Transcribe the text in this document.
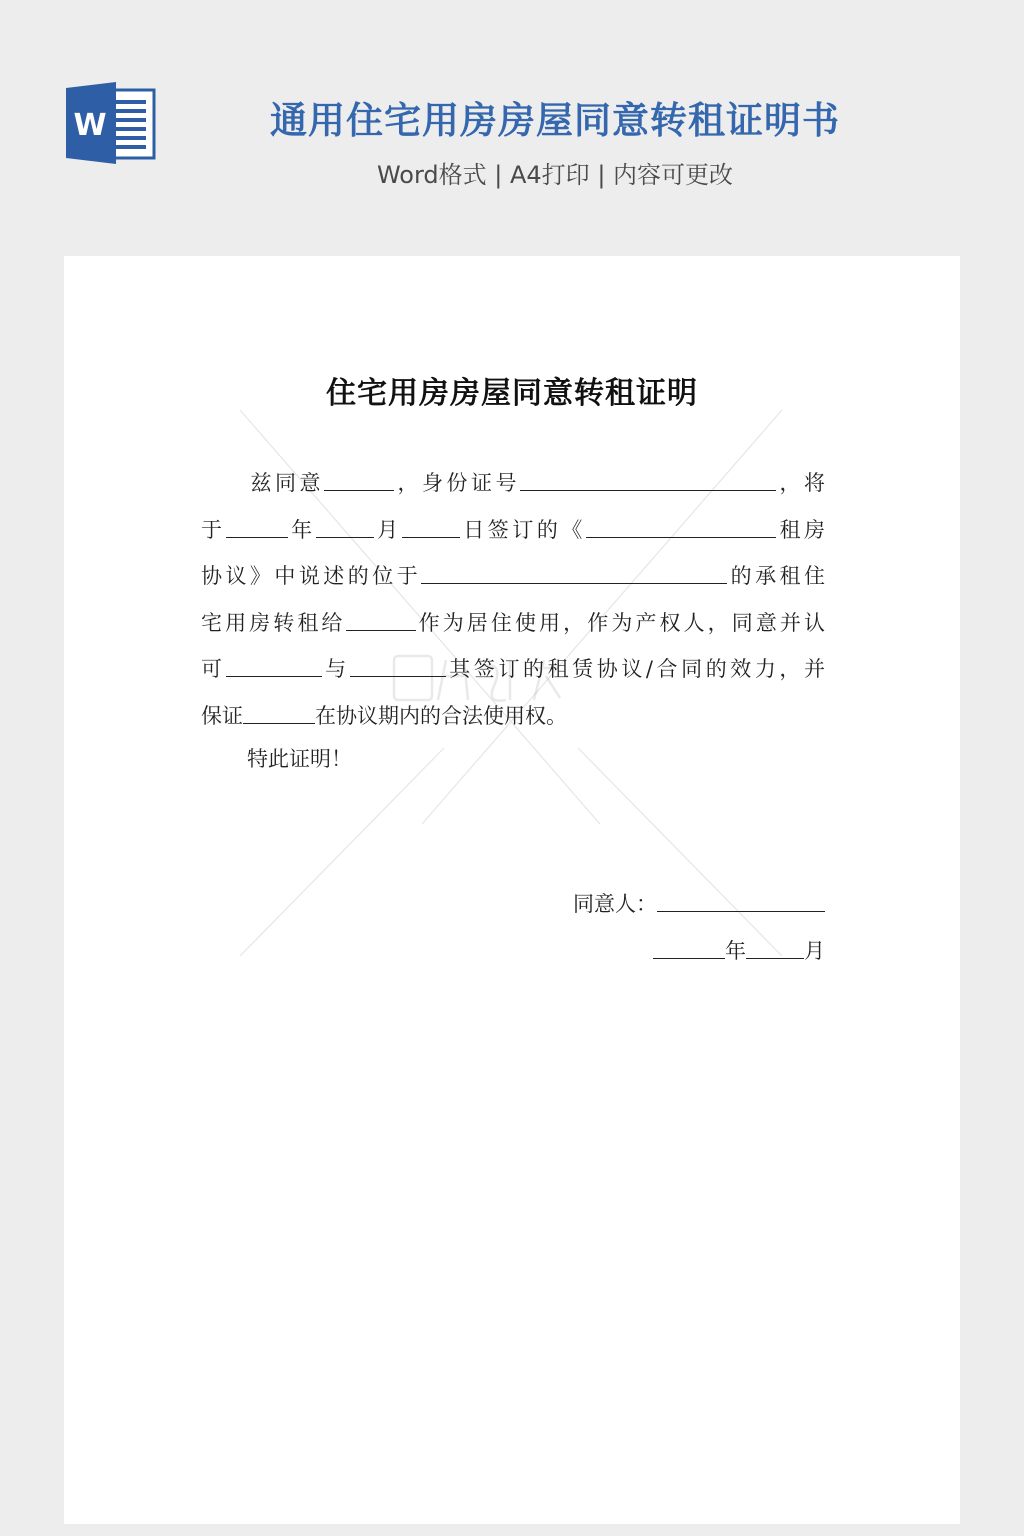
W	通用住宅用房房屋同意转租证明书
Word格式 | A4打印 | 内容可更改
住宅用房房屋同意转租证明

兹同意	，身份证号	，将
于	年	月	日签订的《	租房
协议》中说述的位于	的承租住
宅用房转租给	作为居住使用，作为产权人，同意并认
可	与	其签订的租赁协议/合同的效力，并
保证	在协议期内的合法使用权。

特此证明！
同意人：
年	月
